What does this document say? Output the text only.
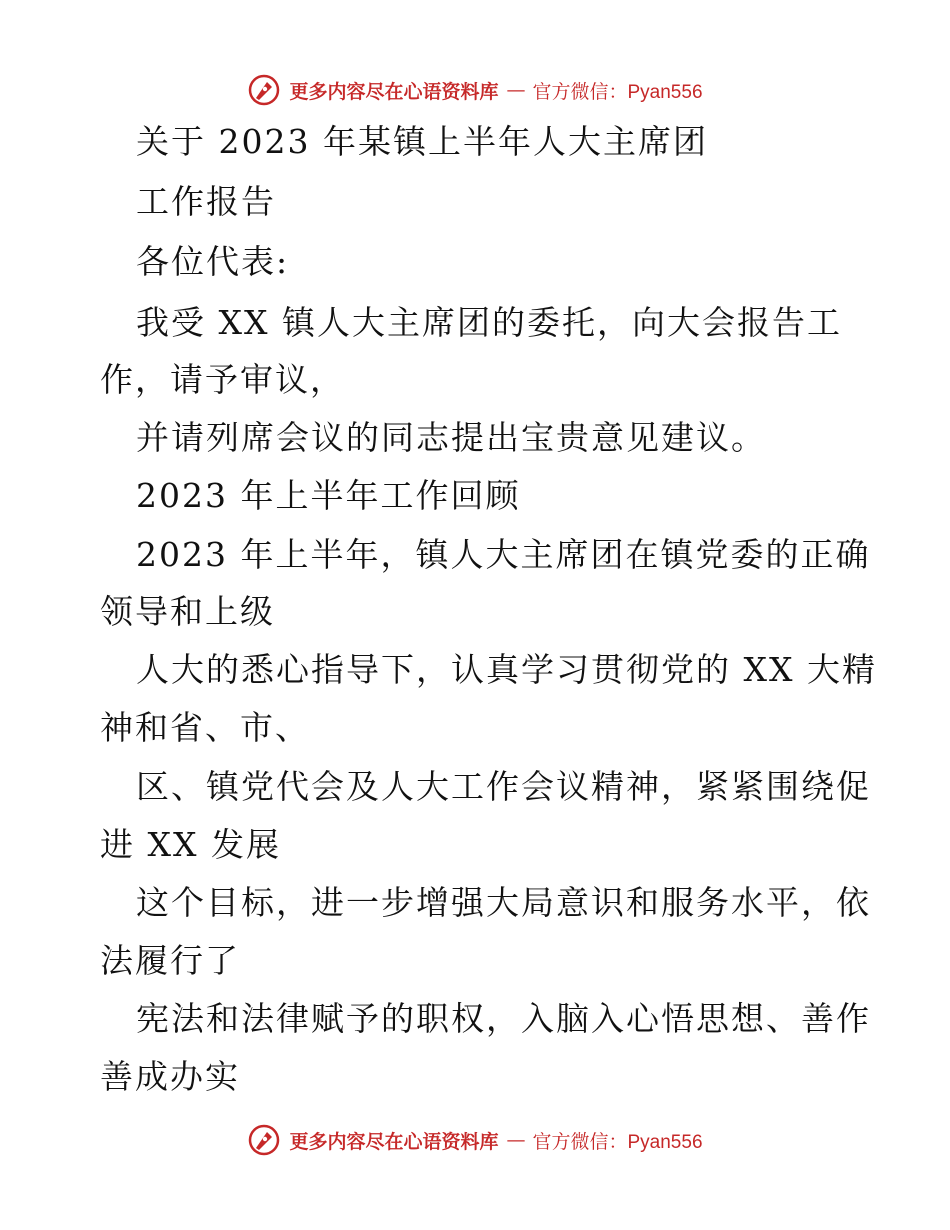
更多内容尽在心语资料库 — 官方微信：Pyan556
关于 2023 年某镇上半年人大主席团
工作报告
各位代表:
我受 XX 镇人大主席团的委托，向大会报告工
作，请予审议，
并请列席会议的同志提出宝贵意见建议。
2023 年上半年工作回顾
2023 年上半年，镇人大主席团在镇党委的正确
领导和上级
人大的悉心指导下，认真学习贯彻党的 XX 大精
神和省、市、
区、镇党代会及人大工作会议精神，紧紧围绕促
进 XX 发展
这个目标，进一步增强大局意识和服务水平，依
法履行了
宪法和法律赋予的职权，入脑入心悟思想、善作
善成办实
更多内容尽在心语资料库 — 官方微信：Pyan556
